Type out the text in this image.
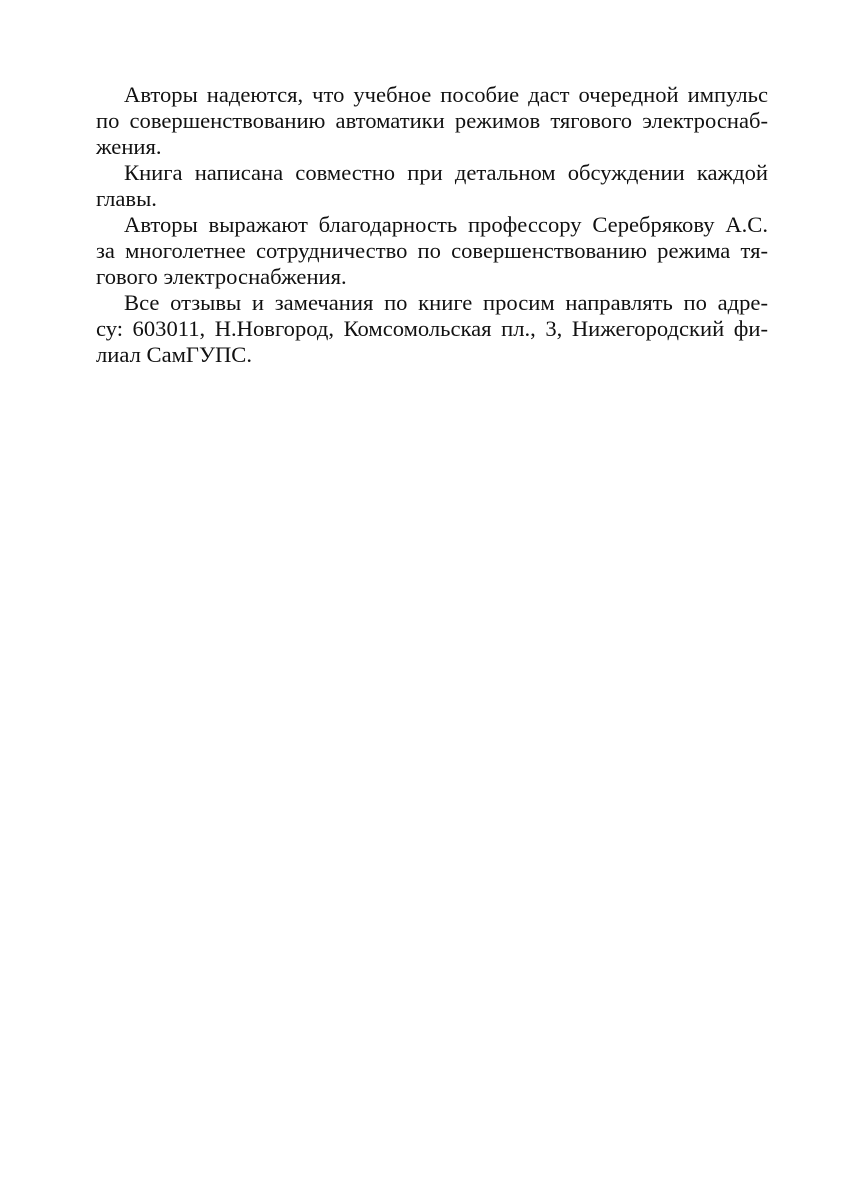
Авторы надеются, что учебное пособие даст очередной импульс
по совершенствованию автоматики режимов тягового электроснаб-
жения.

Книга написана совместно при детальном обсуждении каждой
главы.

Авторы выражают благодарность профессору Серебрякову А.С.
за многолетнее сотрудничество по совершенствованию режима тя-
гового электроснабжения.

Все отзывы и замечания по книге просим направлять по адре-
су: 603011, Н.Новгород, Комсомольская пл., 3, Нижегородский фи-
лиал СамГУПС.
